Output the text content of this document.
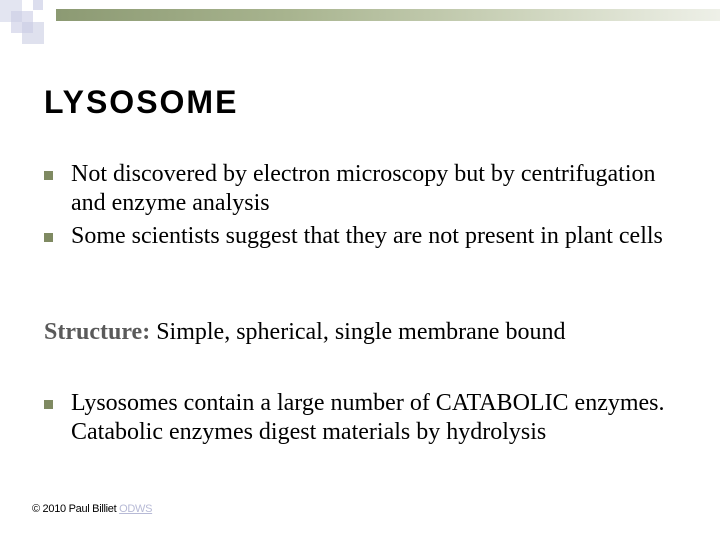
LYSOSOME
Not discovered by electron microscopy but by centrifugation and enzyme analysis
Some scientists suggest that they are not present in plant cells
Structure: Simple, spherical, single membrane bound
Lysosomes contain a large number of CATABOLIC enzymes. Catabolic enzymes digest materials by hydrolysis
© 2010 Paul Billiet ODWS
